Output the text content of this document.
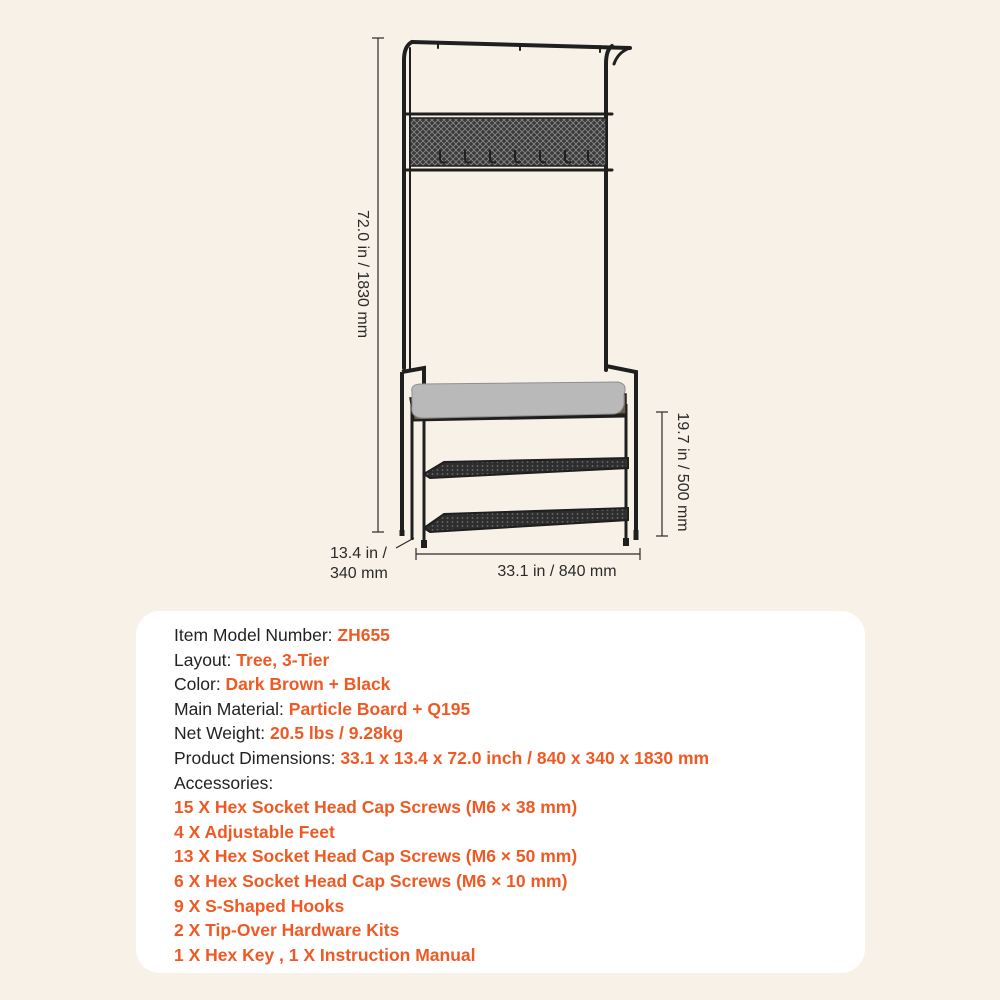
72.0 in / 1830 mm
19.7 in / 500 mm
33.1 in / 840 mm
13.4 in /
340 mm
Item Model Number: ZH655
Layout: Tree, 3-Tier
Color: Dark Brown + Black
Main Material: Particle Board + Q195
Net Weight: 20.5 lbs / 9.28kg
Product Dimensions: 33.1 x 13.4 x 72.0 inch / 840 x 340 x 1830 mm
Accessories:
15 X Hex Socket Head Cap Screws (M6 × 38 mm)
4 X Adjustable Feet
13 X Hex Socket Head Cap Screws (M6 × 50 mm)
6 X Hex Socket Head Cap Screws (M6 × 10 mm)
9 X S-Shaped Hooks
2 X Tip-Over Hardware Kits
1 X Hex Key , 1 X Instruction Manual
